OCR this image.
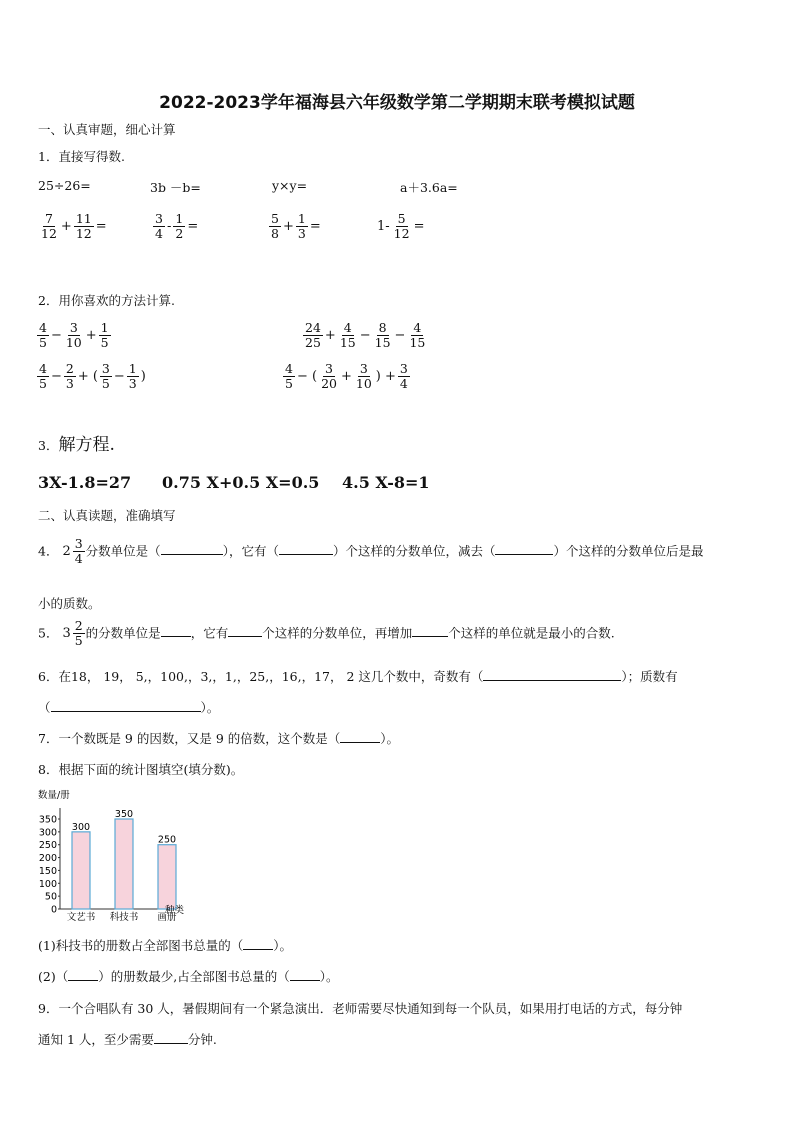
2022-2023学年福海县六年级数学第二学期期末联考模拟试题
一、认真审题，细心计算
1．直接写得数.
25÷26=	3b －b=	y×y=	a＋3.6a=
$\frac{7}{12} + \frac{11}{12}$ =	$\frac{3}{4} - \frac{1}{2}$ =	$\frac{5}{8} + \frac{1}{3}$ =	$1- \frac{5}{12}$ =
2．用你喜欢的方法计算.
$\frac{4}{5} - \frac{3}{10} + \frac{1}{5}$	$\frac{24}{25} + \frac{4}{15} - \frac{8}{15} - \frac{4}{15}$
$\frac{4}{5} - \frac{2}{3}$ + ( $\frac{3}{5} - \frac{1}{3}$ )	$\frac{4}{5}$ − ( $\frac{3}{20} + \frac{3}{10}$ ) + $\frac{3}{4}$
3．解方程.
3X-1.8=27 0.75 X+0.5 X=0.5 4.5 X-8=1
二、认真读题，准确填写
4． $2 \frac{3}{4}$ 分数单位是（	），它有（	）个这样的分数单位，减去（	）个这样的分数单位后是最
小的质数。
5． $3 \frac{2}{5}$ 的分数单位是 ，它有	个这样的分数单位，再增加	个这样的单位就是最小的合数.
6．在18， 19， 5,，100,，3,，1,，25,，16,，17， 2 这几个数中，奇数有（	）；质数有
（	）。
7．一个数既是 9 的因数，又是 9 的倍数，这个数是（	）。
8．根据下面的统计图填空(填分数)。
数量/册
0
50
100
150
200
250
300
350
300
文艺书
350
科技书
250
画册
种类
(1)科技书的册数占全部图书总量的（ ）。
(2)（ ）的册数最少,占全部图书总量的（ ）。
9．一个合唱队有 30 人，暑假期间有一个紧急演出．老师需要尽快通知到每一个队员，如果用打电话的方式，每分钟
通知 1 人，至少需要	分钟.
